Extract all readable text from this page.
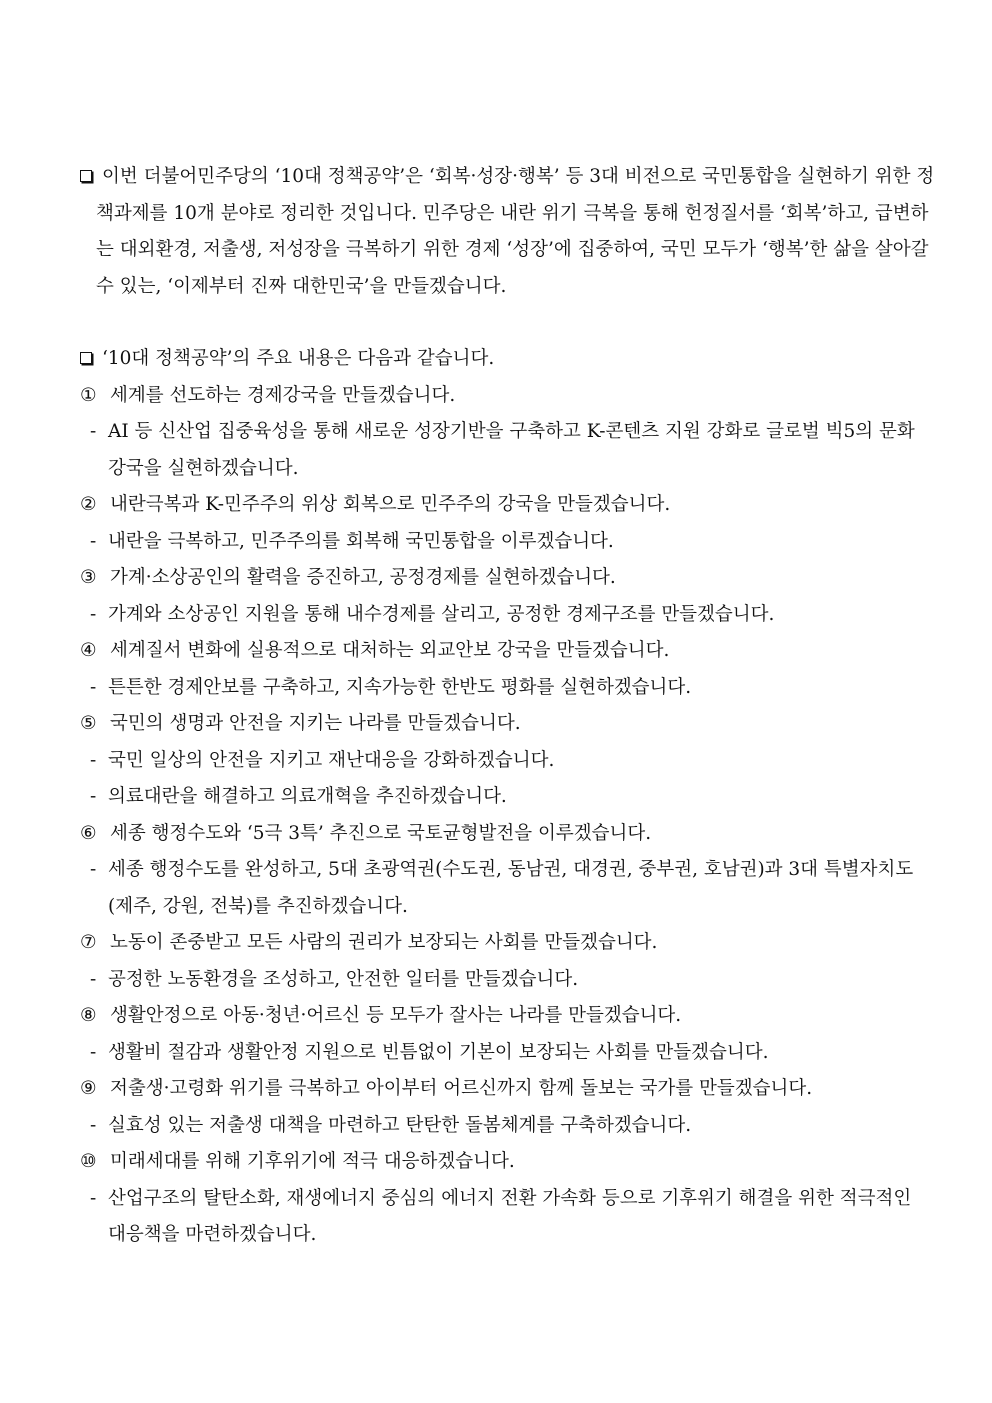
이번 더불어민주당의 ‘10대 정책공약’은 ‘회복·성장·행복’ 등 3대 비전으로 국민통합을 실현하기 위한 정책과제를 10개 분야로 정리한 것입니다. 민주당은 내란 위기 극복을 통해 헌정질서를 ‘회복’하고, 급변하는 대외환경, 저출생, 저성장을 극복하기 위한 경제 ‘성장’에 집중하여, 국민 모두가 ‘행복’한 삶을 살아갈 수 있는, ‘이제부터 진짜 대한민국’을 만들겠습니다.
‘10대 정책공약’의 주요 내용은 다음과 같습니다.
① 세계를 선도하는 경제강국을 만들겠습니다.
- AI 등 신산업 집중육성을 통해 새로운 성장기반을 구축하고 K-콘텐츠 지원 강화로 글로벌 빅5의 문화강국을 실현하겠습니다.
② 내란극복과 K-민주주의 위상 회복으로 민주주의 강국을 만들겠습니다.
- 내란을 극복하고, 민주주의를 회복해 국민통합을 이루겠습니다.
③ 가계·소상공인의 활력을 증진하고, 공정경제를 실현하겠습니다.
- 가계와 소상공인 지원을 통해 내수경제를 살리고, 공정한 경제구조를 만들겠습니다.
④ 세계질서 변화에 실용적으로 대처하는 외교안보 강국을 만들겠습니다.
- 튼튼한 경제안보를 구축하고, 지속가능한 한반도 평화를 실현하겠습니다.
⑤ 국민의 생명과 안전을 지키는 나라를 만들겠습니다.
- 국민 일상의 안전을 지키고 재난대응을 강화하겠습니다.
- 의료대란을 해결하고 의료개혁을 추진하겠습니다.
⑥ 세종 행정수도와 ‘5극 3특’ 추진으로 국토균형발전을 이루겠습니다.
- 세종 행정수도를 완성하고, 5대 초광역권(수도권, 동남권, 대경권, 중부권, 호남권)과 3대 특별자치도(제주, 강원, 전북)를 추진하겠습니다.
⑦ 노동이 존중받고 모든 사람의 권리가 보장되는 사회를 만들겠습니다.
- 공정한 노동환경을 조성하고, 안전한 일터를 만들겠습니다.
⑧ 생활안정으로 아동·청년·어르신 등 모두가 잘사는 나라를 만들겠습니다.
- 생활비 절감과 생활안정 지원으로 빈틈없이 기본이 보장되는 사회를 만들겠습니다.
⑨ 저출생·고령화 위기를 극복하고 아이부터 어르신까지 함께 돌보는 국가를 만들겠습니다.
- 실효성 있는 저출생 대책을 마련하고 탄탄한 돌봄체계를 구축하겠습니다.
⑩ 미래세대를 위해 기후위기에 적극 대응하겠습니다.
- 산업구조의 탈탄소화, 재생에너지 중심의 에너지 전환 가속화 등으로 기후위기 해결을 위한 적극적인 대응책을 마련하겠습니다.
